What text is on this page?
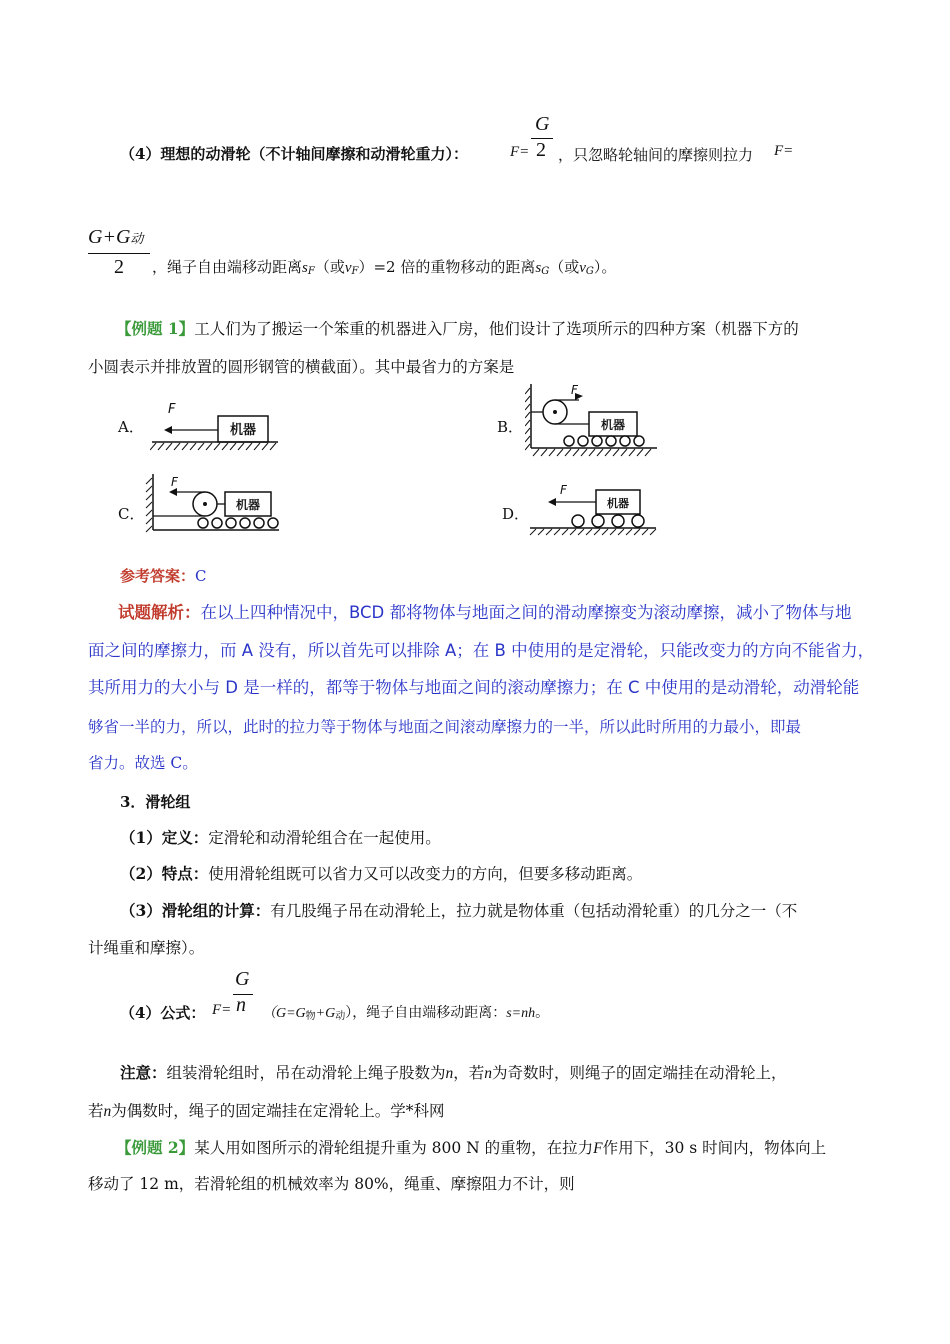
（4）理想的动滑轮（不计轴间摩擦和动滑轮重力）：	F=
G
2 ，只忽略轮轴间的摩擦则拉力 F=
G+G动
2 ，绳子自由端移动距离$s_F$（或$v_F)=2$ 倍的重物移动的距离$s_G$（或$v_G$）。
【例题 1】工人们为了搬运一个笨重的机器进入厂房，他们设计了选项所示的四种方案（机器下方的
小圆表示并排放置的圆形钢管的横截面）。其中最省力的方案是
A．
F
机器	B．
F
机器
C．
F
机器	D．
F
机器
参考答案：C
试题解析：在以上四种情况中，BCD 都将物体与地面之间的滑动摩擦变为滚动摩擦，减小了物体与地
面之间的摩擦力，而 A 没有，所以首先可以排除 A；在 B 中使用的是定滑轮，只能改变力的方向不能省力，
其所用力的大小与 D 是一样的，都等于物体与地面之间的滚动摩擦力；在 C 中使用的是动滑轮，动滑轮能
够省一半的力，所以，此时的拉力等于物体与地面之间滚动摩擦力的一半，所以此时所用的力最小，即最
省力。故选 C。
3．滑轮组
（1）定义：定滑轮和动滑轮组合在一起使用。
（2）特点：使用滑轮组既可以省力又可以改变力的方向，但要多移动距离。
（3）滑轮组的计算：有几股绳子吊在动滑轮上，拉力就是物体重（包括动滑轮重）的几分之一（不
计绳重和摩擦）。
（4）公式： F=
G
n $(G=G_物+G_动)$，绳子自由端移动距离：s=nh。
注意：组装滑轮组时，吊在动滑轮上绳子股数为n，若n为奇数时，则绳子的固定端挂在动滑轮上，
若n为偶数时，绳子的固定端挂在定滑轮上。学*科网
【例题 2】某人用如图所示的滑轮组提升重为 800 N 的重物，在拉力F作用下，30 s 时间内，物体向上
移动了 12 m，若滑轮组的机械效率为 80%，绳重、摩擦阻力不计，则
